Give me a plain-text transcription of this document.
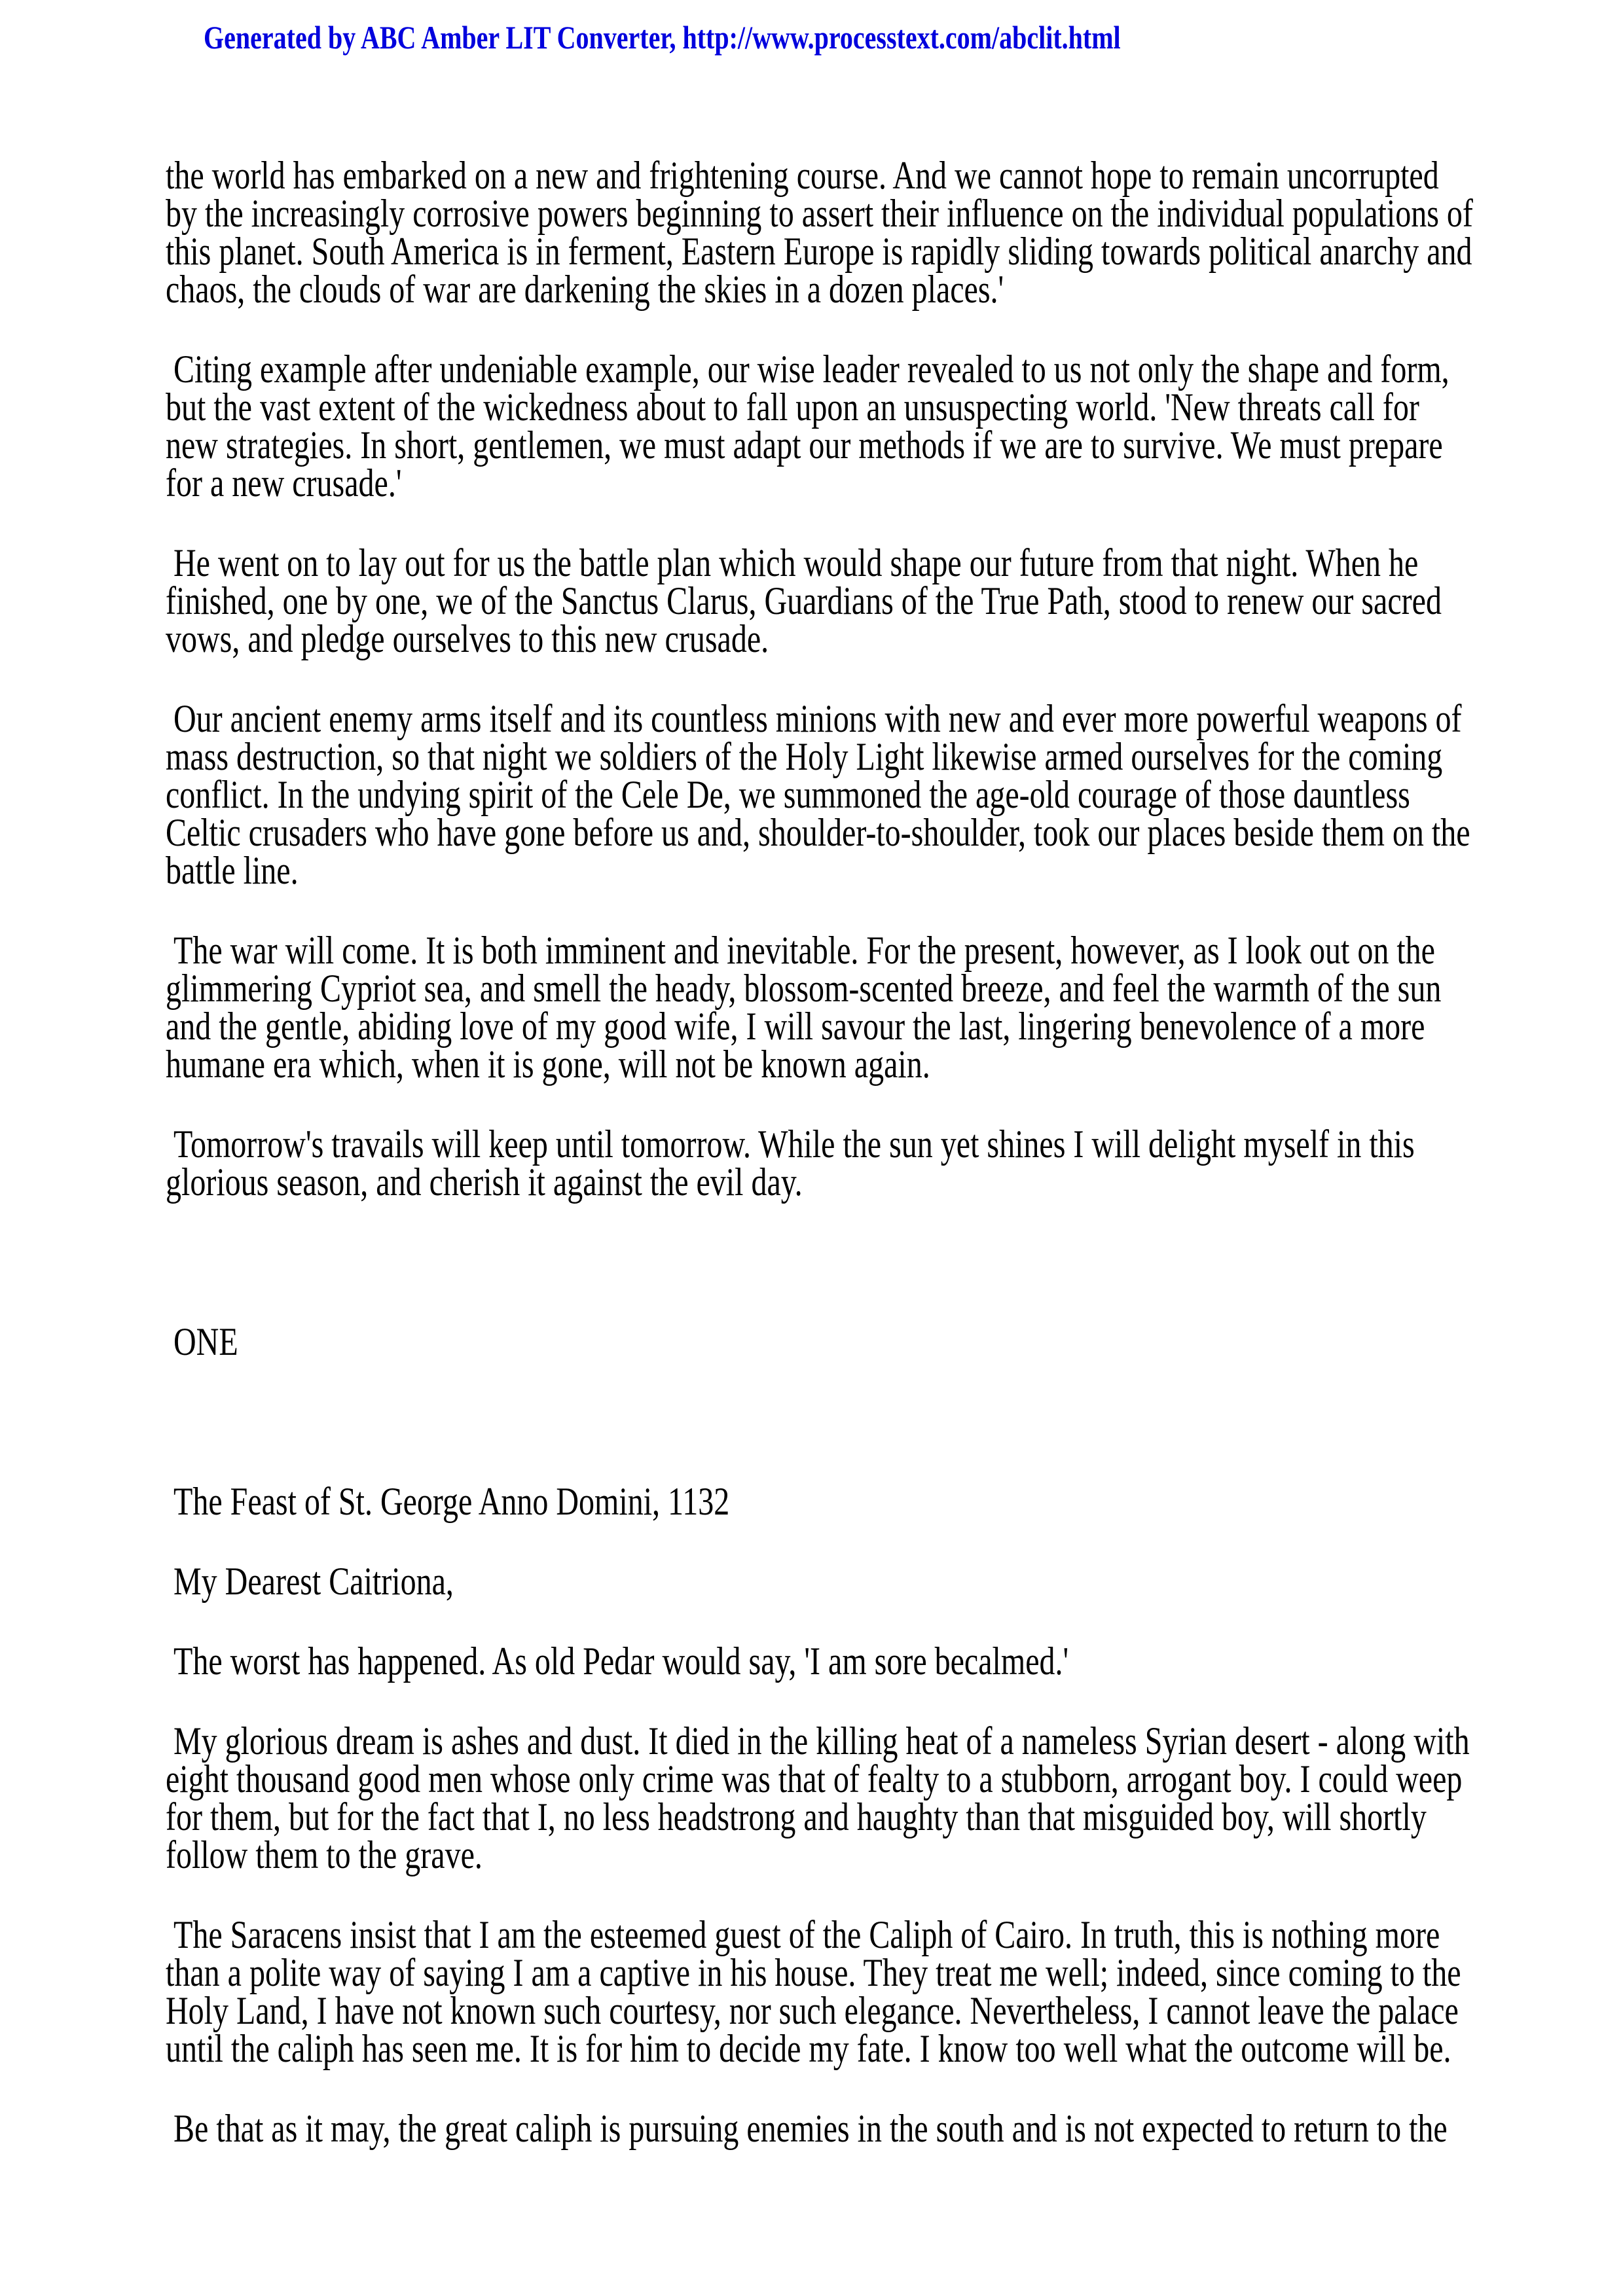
Generated by ABC Amber LIT Converter, http://www.processtext.com/abclit.html

the world has embarked on a new and frightening course. And we cannot hope to remain uncorrupted by the increasingly corrosive powers beginning to assert their influence on the individual populations of this planet. South America is in ferment, Eastern Europe is rapidly sliding towards political anarchy and chaos, the clouds of war are darkening the skies in a dozen places.'

Citing example after undeniable example, our wise leader revealed to us not only the shape and form, but the vast extent of the wickedness about to fall upon an unsuspecting world. 'New threats call for new strategies. In short, gentlemen, we must adapt our methods if we are to survive. We must prepare for a new crusade.'

He went on to lay out for us the battle plan which would shape our future from that night. When he finished, one by one, we of the Sanctus Clarus, Guardians of the True Path, stood to renew our sacred vows, and pledge ourselves to this new crusade.

Our ancient enemy arms itself and its countless minions with new and ever more powerful weapons of mass destruction, so that night we soldiers of the Holy Light likewise armed ourselves for the coming conflict. In the undying spirit of the Cele De, we summoned the age-old courage of those dauntless Celtic crusaders who have gone before us and, shoulder-to-shoulder, took our places beside them on the battle line.

The war will come. It is both imminent and inevitable. For the present, however, as I look out on the glimmering Cypriot sea, and smell the heady, blossom-scented breeze, and feel the warmth of the sun and the gentle, abiding love of my good wife, I will savour the last, lingering benevolence of a more humane era which, when it is gone, will not be known again.

Tomorrow's travails will keep until tomorrow. While the sun yet shines I will delight myself in this glorious season, and cherish it against the evil day.

ONE

The Feast of St. George Anno Domini, 1132

My Dearest Caitriona,

The worst has happened. As old Pedar would say, 'I am sore becalmed.'

My glorious dream is ashes and dust. It died in the killing heat of a nameless Syrian desert - along with eight thousand good men whose only crime was that of fealty to a stubborn, arrogant boy. I could weep for them, but for the fact that I, no less headstrong and haughty than that misguided boy, will shortly follow them to the grave.

The Saracens insist that I am the esteemed guest of the Caliph of Cairo. In truth, this is nothing more than a polite way of saying I am a captive in his house. They treat me well; indeed, since coming to the Holy Land, I have not known such courtesy, nor such elegance. Nevertheless, I cannot leave the palace until the caliph has seen me. It is for him to decide my fate. I know too well what the outcome will be.

Be that as it may, the great caliph is pursuing enemies in the south and is not expected to return to the
